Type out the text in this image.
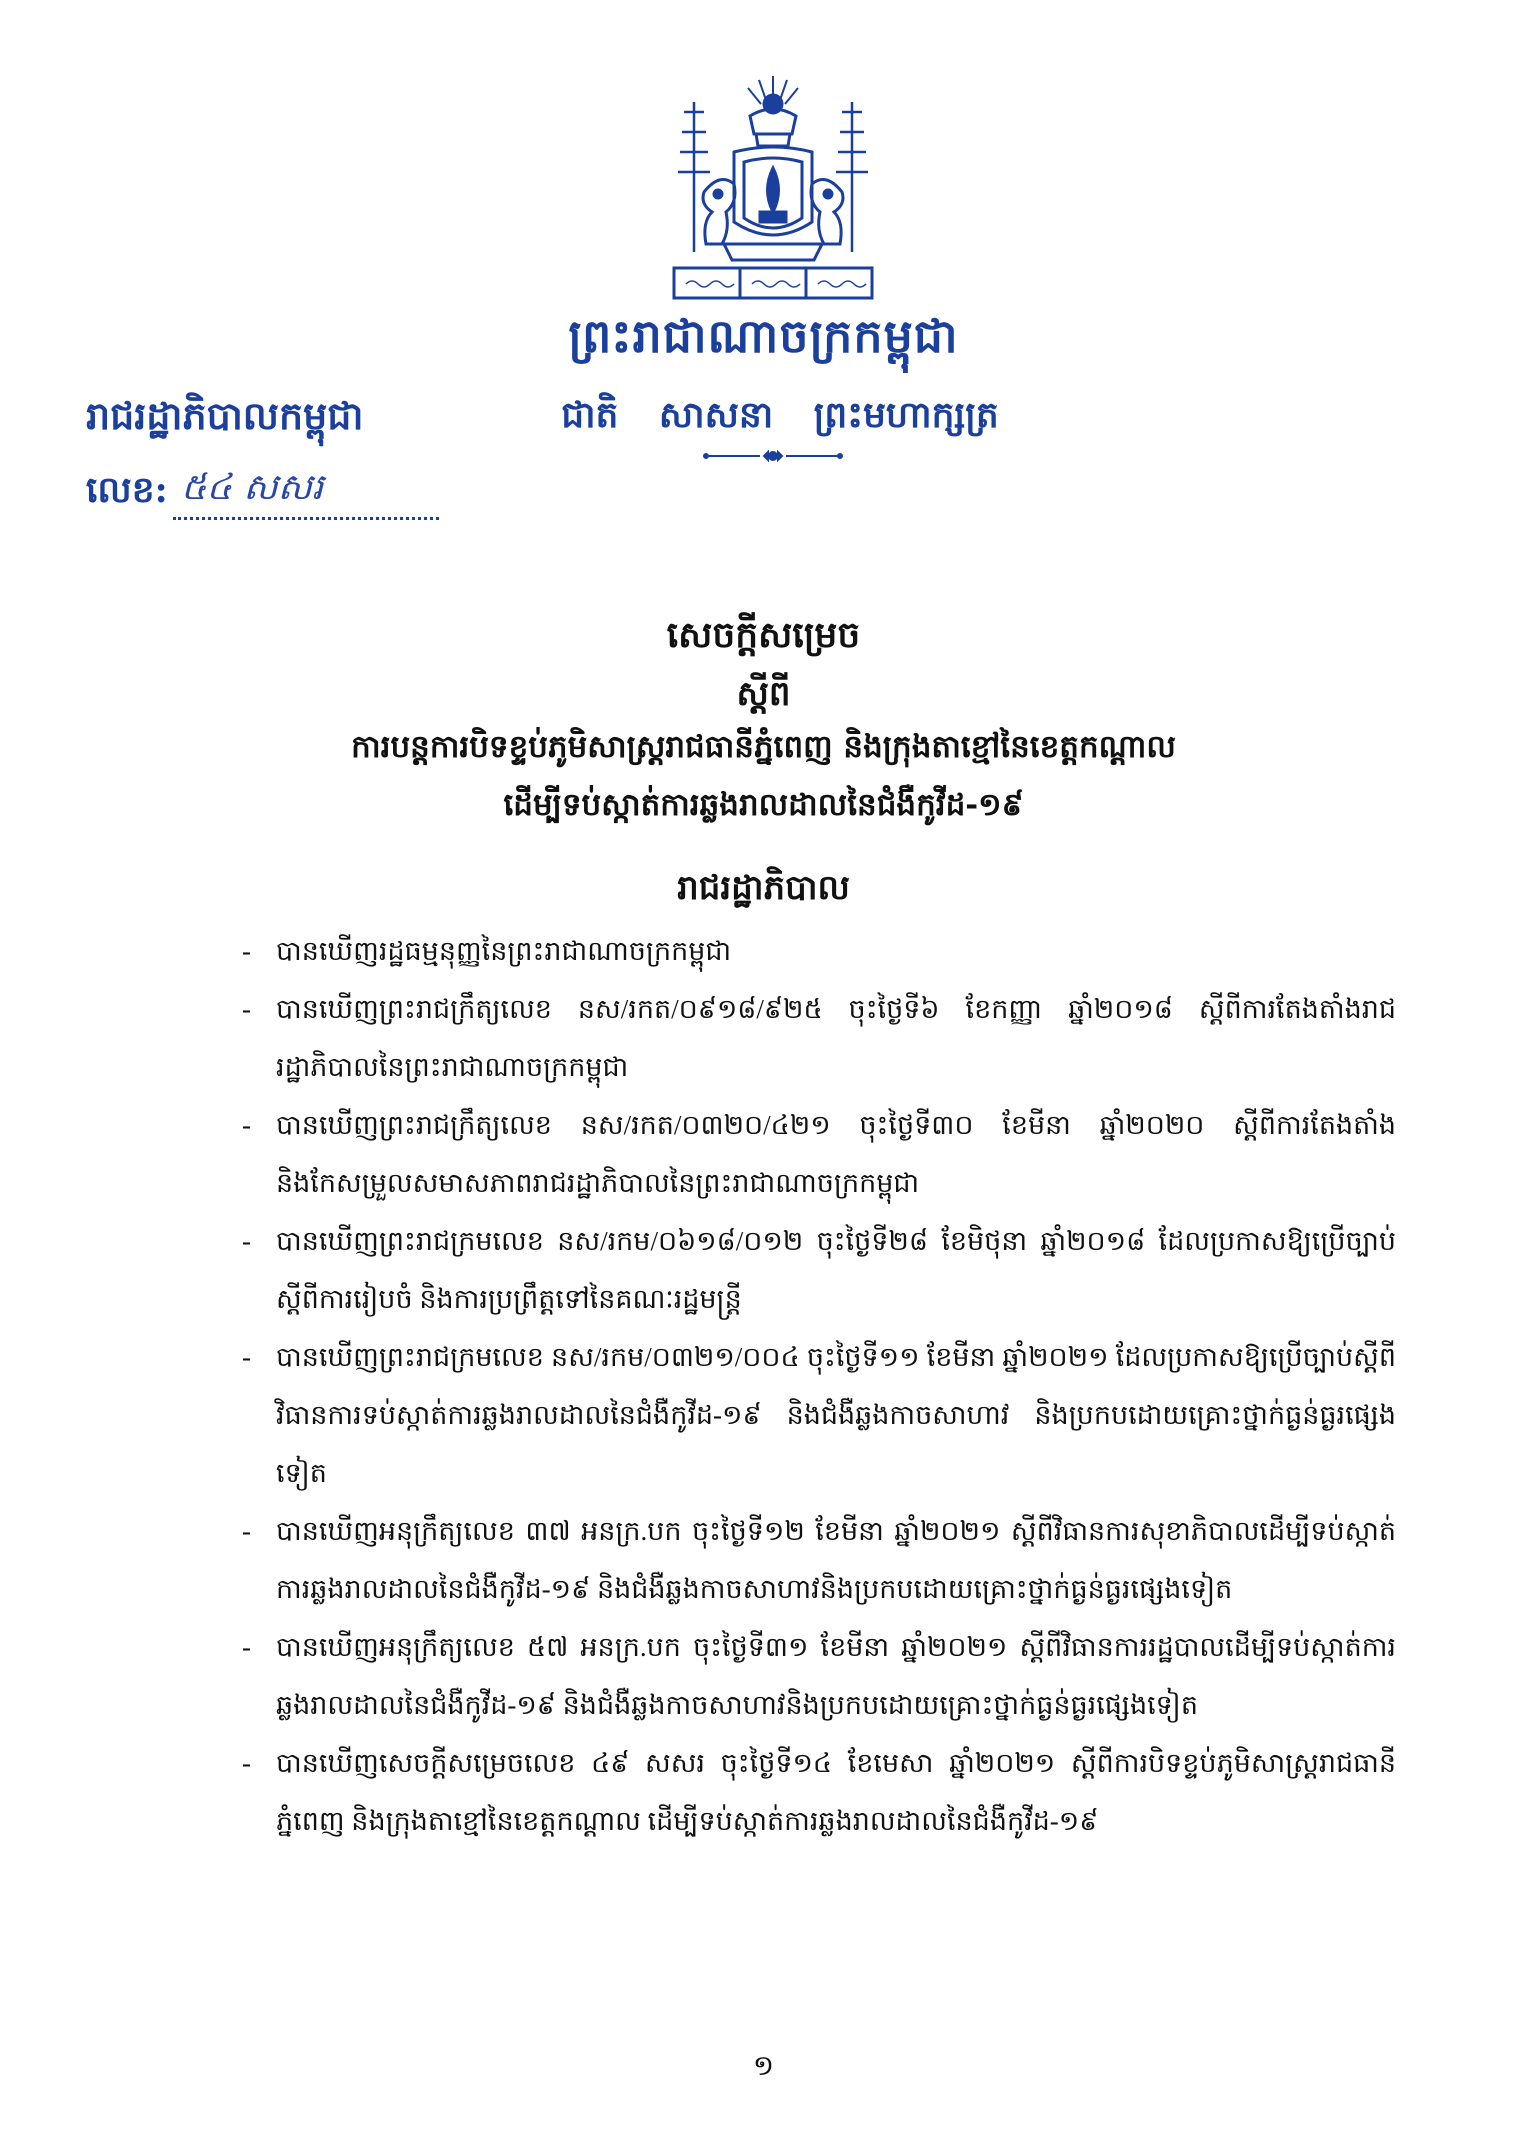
ព្រះរាជាណាចក្រកម្ពុជា
ជាតិ សាសនា ព្រះមហាក្សត្រ
រាជរដ្ឋាភិបាលកម្ពុជា
លេខ: ៥៤ សសរ
សេចក្តីសម្រេច
ស្តីពី
ការបន្តការបិទខ្ទប់ភូមិសាស្ត្ររាជធានីភ្នំពេញ និងក្រុងតាខ្មៅនៃខេត្តកណ្តាល
ដើម្បីទប់ស្កាត់ការឆ្លងរាលដាលនៃជំងឺកូវីដ-១៩
រាជរដ្ឋាភិបាល
- បានឃើញរដ្ឋធម្មនុញ្ញនៃព្រះរាជាណាចក្រកម្ពុជា
- បានឃើញព្រះរាជក្រឹត្យលេខ នស/រកត/០៩១៨/៩២៥ ចុះថ្ងៃទី៦ ខែកញ្ញា ឆ្នាំ២០១៨ ស្តីពីការតែងតាំងរាជរដ្ឋាភិបាលនៃព្រះរាជាណាចក្រកម្ពុជា
- បានឃើញព្រះរាជក្រឹត្យលេខ នស/រកត/០៣២០/៤២១ ចុះថ្ងៃទី៣០ ខែមីនា ឆ្នាំ២០២០ ស្តីពីការតែងតាំង និងកែសម្រួលសមាសភាពរាជរដ្ឋាភិបាលនៃព្រះរាជាណាចក្រកម្ពុជា
- បានឃើញព្រះរាជក្រមលេខ នស/រកម/០៦១៨/០១២ ចុះថ្ងៃទី២៨ ខែមិថុនា ឆ្នាំ២០១៨ ដែលប្រកាសឱ្យប្រើច្បាប់ស្តីពីការរៀបចំ និងការប្រព្រឹត្តទៅនៃគណៈរដ្ឋមន្ត្រី
- បានឃើញព្រះរាជក្រមលេខ នស/រកម/០៣២១/០០៤ ចុះថ្ងៃទី១១ ខែមីនា ឆ្នាំ២០២១ ដែលប្រកាសឱ្យប្រើច្បាប់ស្តីពីវិធានការទប់ស្កាត់ការឆ្លងរាលដាលនៃជំងឺកូវីដ-១៩ និងជំងឺឆ្លងកាចសាហាវ និងប្រកបដោយគ្រោះថ្នាក់ធ្ងន់ធ្ងរផ្សេងទៀត
- បានឃើញអនុក្រឹត្យលេខ ៣៧ អនក្រ.បក ចុះថ្ងៃទី១២ ខែមីនា ឆ្នាំ២០២១ ស្តីពីវិធានការសុខាភិបាលដើម្បីទប់ស្កាត់ការឆ្លងរាលដាលនៃជំងឺកូវីដ-១៩ និងជំងឺឆ្លងកាចសាហាវនិងប្រកបដោយគ្រោះថ្នាក់ធ្ងន់ធ្ងរផ្សេងទៀត
- បានឃើញអនុក្រឹត្យលេខ ៥៧ អនក្រ.បក ចុះថ្ងៃទី៣១ ខែមីនា ឆ្នាំ២០២១ ស្តីពីវិធានការរដ្ឋបាលដើម្បីទប់ស្កាត់ការឆ្លងរាលដាលនៃជំងឺកូវីដ-១៩ និងជំងឺឆ្លងកាចសាហាវនិងប្រកបដោយគ្រោះថ្នាក់ធ្ងន់ធ្ងរផ្សេងទៀត
- បានឃើញសេចក្តីសម្រេចលេខ ៤៩ សសរ ចុះថ្ងៃទី១៤ ខែមេសា ឆ្នាំ២០២១ ស្តីពីការបិទខ្ទប់ភូមិសាស្ត្ររាជធានីភ្នំពេញ និងក្រុងតាខ្មៅនៃខេត្តកណ្តាល ដើម្បីទប់ស្កាត់ការឆ្លងរាលដាលនៃជំងឺកូវីដ-១៩
១
